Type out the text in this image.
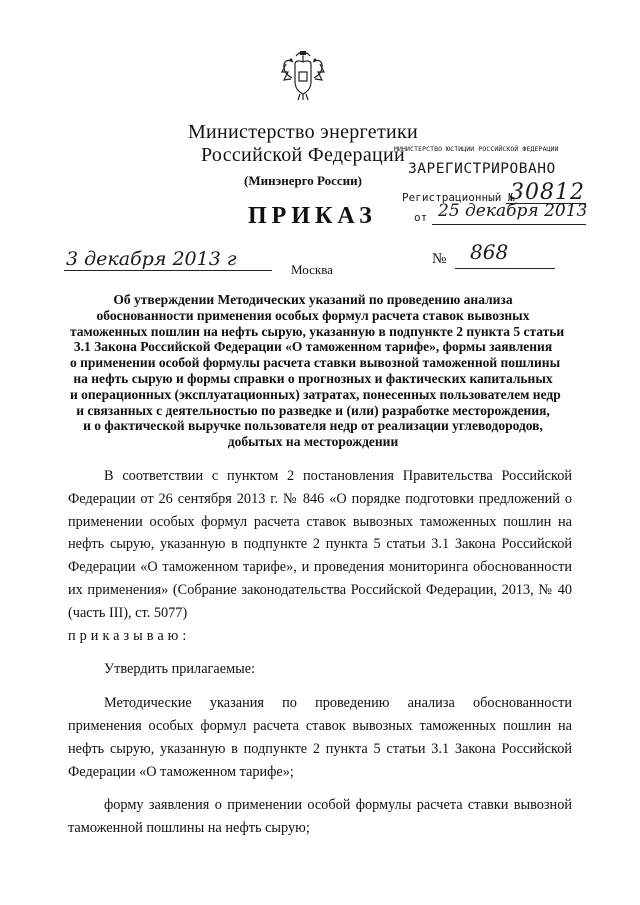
Министерство энергетики
Российской Федерации
(Минэнерго России)
ПРИКАЗ
МИНИСТЕРСТВО ЮСТИЦИИ РОССИЙСКОЙ ФЕДЕРАЦИИ
ЗАРЕГИСТРИРОВАНО
Регистрационный №
30812
от 25 декабря 2013
3 декабря 2013 г	№ 868
Москва
Об утверждении Методических указаний по проведению анализа
обоснованности применения особых формул расчета ставок вывозных
таможенных пошлин на нефть сырую, указанную в подпункте 2 пункта 5 статьи
3.1 Закона Российской Федерации «О таможенном тарифе», формы заявления
о применении особой формулы расчета ставки вывозной таможенной пошлины
на нефть сырую и формы справки о прогнозных и фактических капитальных
и операционных (эксплуатационных) затратах, понесенных пользователем недр
и связанных с деятельностью по разведке и (или) разработке месторождения,
и о фактической выручке пользователя недр от реализации углеводородов,
добытых на месторождении

В соответствии с пунктом 2 постановления Правительства Российской Федерации от 26 сентября 2013 г. № 846 «О порядке подготовки предложений о применении особых формул расчета ставок вывозных таможенных пошлин на нефть сырую, указанную в подпункте 2 пункта 5 статьи 3.1 Закона Российской Федерации «О таможенном тарифе», и проведения мониторинга обоснованности их применения» (Собрание законодательства Российской Федерации, 2013, № 40 (часть III), ст. 5077)

приказываю:

Утвердить прилагаемые:

Методические указания по проведению анализа обоснованности применения особых формул расчета ставок вывозных таможенных пошлин на нефть сырую, указанную в подпункте 2 пункта 5 статьи 3.1 Закона Российской Федерации «О таможенном тарифе»;

форму заявления о применении особой формулы расчета ставки вывозной таможенной пошлины на нефть сырую;
